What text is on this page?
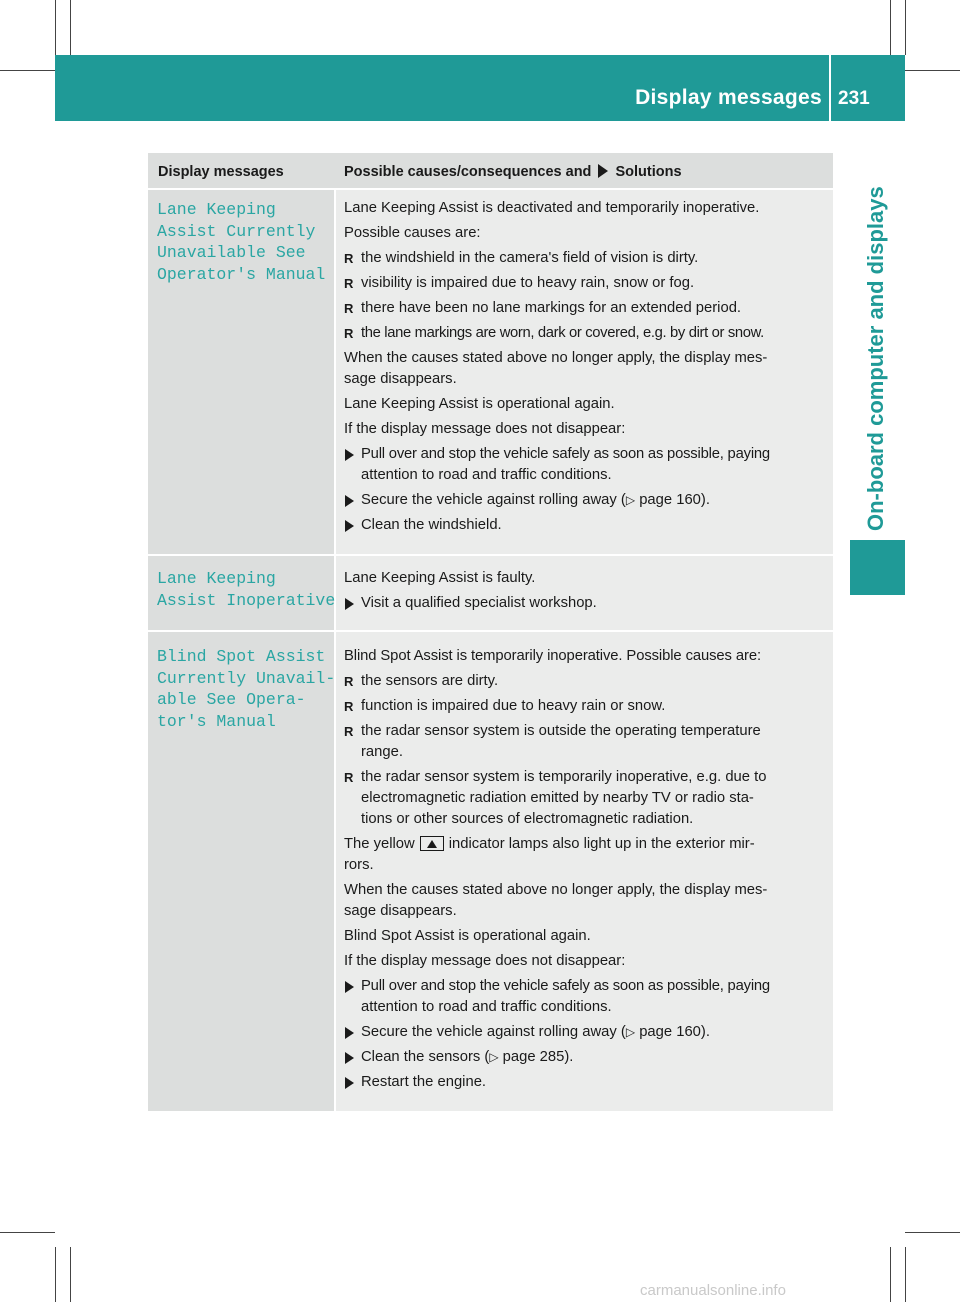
Display messages 231
On-board computer and displays
Display messages	Possible causes/consequences and Solutions
Lane Keeping
Assist Currently
Unavailable See
Operator's Manual
Lane Keeping Assist is deactivated and temporarily inoperative.
Possible causes are:
R the windshield in the camera's field of vision is dirty.
R visibility is impaired due to heavy rain, snow or fog.
R there have been no lane markings for an extended period.
R the lane markings are worn, dark or covered, e.g. by dirt or snow.
When the causes stated above no longer apply, the display mes-
sage disappears.
Lane Keeping Assist is operational again.
If the display message does not disappear:
Pull over and stop the vehicle safely as soon as possible, paying
attention to road and traffic conditions.
Secure the vehicle against rolling away (▷ page 160).
Clean the windshield.
Lane Keeping
Assist Inoperative
Lane Keeping Assist is faulty.
Visit a qualified specialist workshop.
Blind Spot Assist
Currently Unavail‐
able See Opera‐
tor's Manual
Blind Spot Assist is temporarily inoperative. Possible causes are:
R the sensors are dirty.
R function is impaired due to heavy rain or snow.
R the radar sensor system is outside the operating temperature
range.
R the radar sensor system is temporarily inoperative, e.g. due to
electromagnetic radiation emitted by nearby TV or radio sta-
tions or other sources of electromagnetic radiation.
The yellow indicator lamps also light up in the exterior mir-
rors.
When the causes stated above no longer apply, the display mes-
sage disappears.
Blind Spot Assist is operational again.
If the display message does not disappear:
Pull over and stop the vehicle safely as soon as possible, paying
attention to road and traffic conditions.
Secure the vehicle against rolling away (▷ page 160).
Clean the sensors (▷ page 285).
Restart the engine.
carmanualsonline.info
